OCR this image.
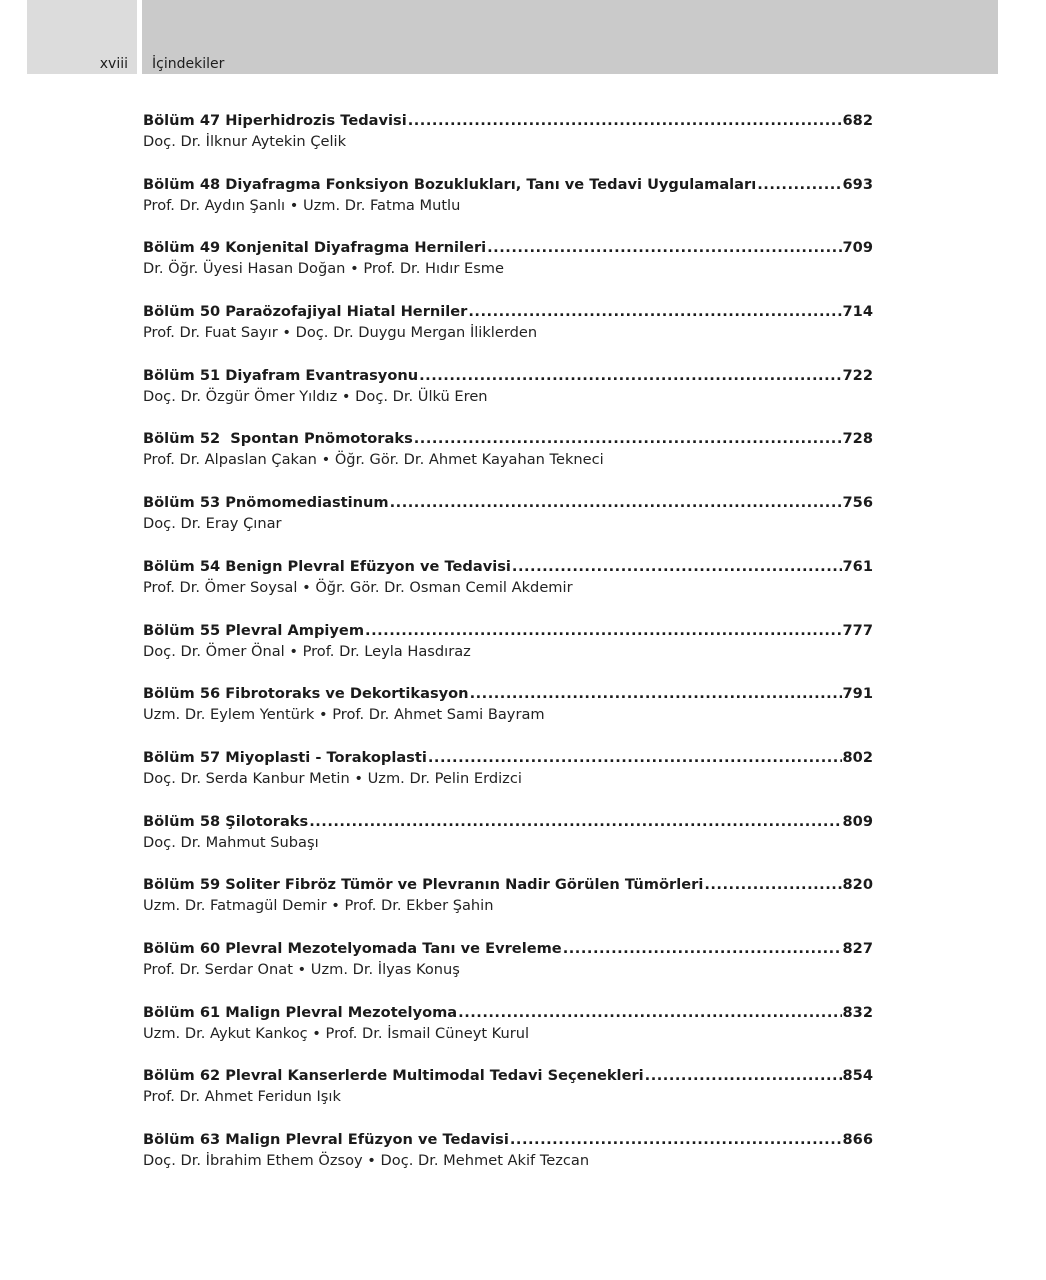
xviii İçindekiler
Bölüm 47 Hiperhidrozis Tedavisi .....	682
Doç. Dr. İlknur Aytekin Çelik
Bölüm 48 Diyafragma Fonksiyon Bozuklukları, Tanı ve Tedavi Uygulamaları .....	693
Prof. Dr. Aydın Şanlı • Uzm. Dr. Fatma Mutlu
Bölüm 49 Konjenital Diyafragma Hernileri .....	709
Dr. Öğr. Üyesi Hasan Doğan • Prof. Dr. Hıdır Esme
Bölüm 50 Paraözofajiyal Hiatal Herniler .....	714
Prof. Dr. Fuat Sayır • Doç. Dr. Duygu Mergan İliklerden
Bölüm 51 Diyafram Evantrasyonu .....	722
Doç. Dr. Özgür Ömer Yıldız • Doç. Dr. Ülkü Eren
Bölüm 52  Spontan Pnömotoraks .....	728
Prof. Dr. Alpaslan Çakan • Öğr. Gör. Dr. Ahmet Kayahan Tekneci
Bölüm 53 Pnömomediastinum .....	756
Doç. Dr. Eray Çınar
Bölüm 54 Benign Plevral Efüzyon ve Tedavisi .....	761
Prof. Dr. Ömer Soysal • Öğr. Gör. Dr. Osman Cemil Akdemir
Bölüm 55 Plevral Ampiyem .....	777
Doç. Dr. Ömer Önal • Prof. Dr. Leyla Hasdıraz
Bölüm 56 Fibrotoraks ve Dekortikasyon .....	791
Uzm. Dr. Eylem Yentürk • Prof. Dr. Ahmet Sami Bayram
Bölüm 57 Miyoplasti - Torakoplasti .....	802
Doç. Dr. Serda Kanbur Metin • Uzm. Dr. Pelin Erdizci
Bölüm 58 Şilotoraks .....	809
Doç. Dr. Mahmut Subaşı
Bölüm 59 Soliter Fibröz Tümör ve Plevranın Nadir Görülen Tümörleri .....	820
Uzm. Dr. Fatmagül Demir • Prof. Dr. Ekber Şahin
Bölüm 60 Plevral Mezotelyomada Tanı ve Evreleme .....	827
Prof. Dr. Serdar Onat • Uzm. Dr. İlyas Konuş
Bölüm 61 Malign Plevral Mezotelyoma .....	832
Uzm. Dr. Aykut Kankoç • Prof. Dr. İsmail Cüneyt Kurul
Bölüm 62 Plevral Kanserlerde Multimodal Tedavi Seçenekleri .....	854
Prof. Dr. Ahmet Feridun Işık
Bölüm 63 Malign Plevral Efüzyon ve Tedavisi .....	866
Doç. Dr. İbrahim Ethem Özsoy • Doç. Dr. Mehmet Akif Tezcan
